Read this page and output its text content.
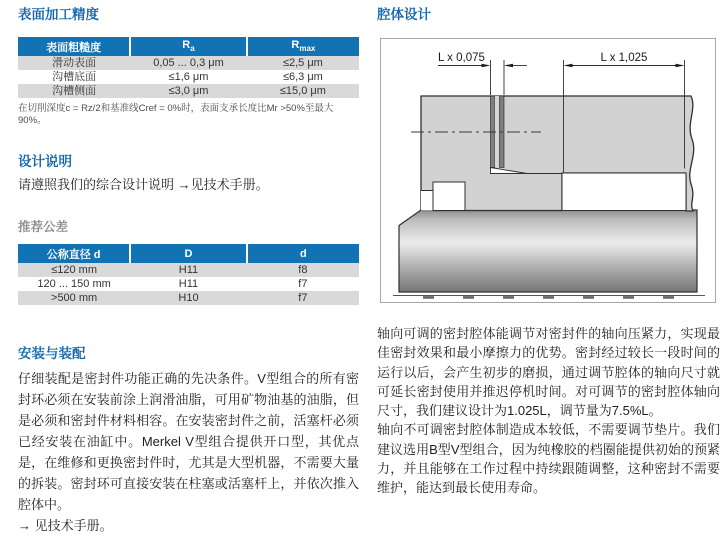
表面加工精度
表面粗糙度	$R_a$	$R_{max}$
滑动表面	0,05 ... 0,3 μm	≤2,5 μm
沟槽底面	≤1,6 μm	≤6,3 μm
沟槽侧面	≤3,0 μm	≤15,0 μm
在切削深度c = Rz/2和基准线Cref = 0%时，表面支承长度比Mr >50%至最大90%。
设计说明

请遵照我们的综合设计说明 →见技术手册。

推荐公差
公称直径 d	D	d
≤120 mm	H11	f8
120 ... 150 mm	H11	f7
>500 mm	H10	f7
安装与装配

仔细装配是密封件功能正确的先决条件。V型组合的所有密封环必须在安装前涂上润滑油脂，可用矿物油基的油脂，但是必须和密封件材料相容。在安装密封件之前，活塞杆必须已经安装在油缸中。Merkel V型组合提供开口型，其优点是，在维修和更换密封件时，尤其是大型机器，不需要大量的拆装。密封环可直接安装在柱塞或活塞杆上，并依次推入腔体中。

→ 见技术手册。

腔体设计
L x 0,075	L x 1,025

轴向可调的密封腔体能调节对密封件的轴向压紧力，实现最佳密封效果和最小摩擦力的优势。密封经过较长一段时间的运行以后，会产生初步的磨损，通过调节腔体的轴向尺寸就可延长密封使用并推迟停机时间。对可调节的密封腔体轴向尺寸，我们建议设计为1.025L，调节量为7.5%L。

轴向不可调密封腔体制造成本较低，不需要调节垫片。我们建议选用B型V型组合，因为纯橡胶的档圈能提供初始的预紧力，并且能够在工作过程中持续跟随调整，这种密封不需要维护，能达到最长使用寿命。
